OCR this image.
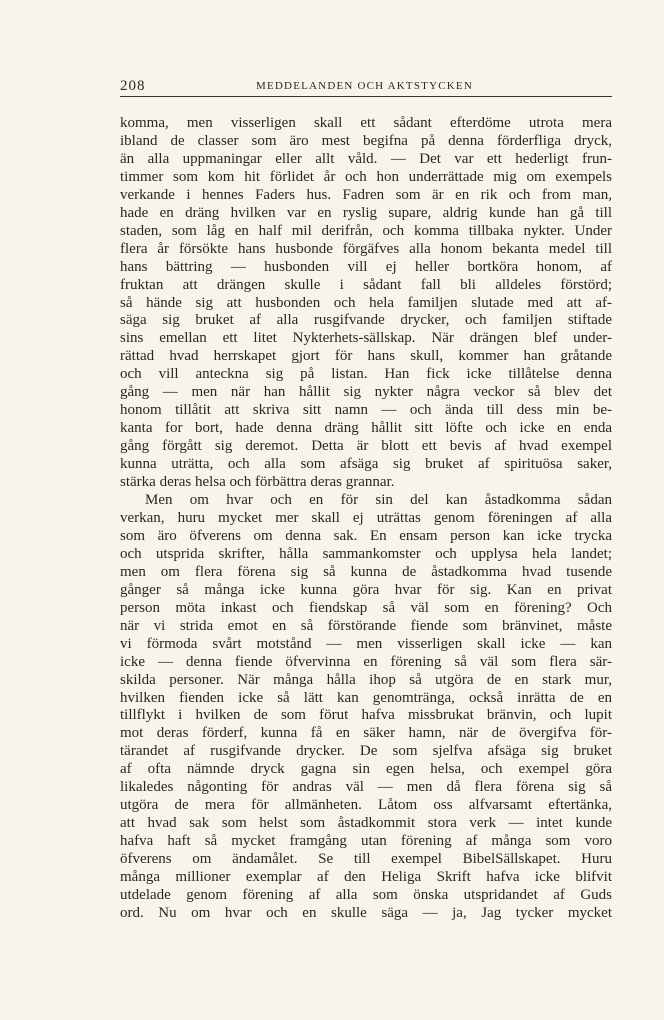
208	MEDDELANDEN OCH AKTSTYCKEN
komma, men visserligen skall ett sådant efterdöme utrota mera
ibland de classer som äro mest begifna på denna förderfliga dryck,
än alla uppmaningar eller allt våld. — Det var ett hederligt frun-
timmer som kom hit förlidet år och hon underrättade mig om exempels
verkande i hennes Faders hus. Fadren som är en rik och from man,
hade en dräng hvilken var en ryslig supare, aldrig kunde han gå till
staden, som låg en half mil derifrån, och komma tillbaka nykter. Under
flera år försökte hans husbonde förgäfves alla honom bekanta medel till
hans bättring — husbonden vill ej heller bortköra honom, af
fruktan att drängen skulle i sådant fall bli alldeles förstörd;
så hände sig att husbonden och hela familjen slutade med att af-
säga sig bruket af alla rusgifvande drycker, och familjen stiftade
sins emellan ett litet Nykterhets-sällskap. När drängen blef under-
rättad hvad herrskapet gjort för hans skull, kommer han gråtande
och vill anteckna sig på listan. Han fick icke tillåtelse denna
gång — men när han hållit sig nykter några veckor så blev det
honom tillåtit att skriva sitt namn — och ända till dess min be-
kanta for bort, hade denna dräng hållit sitt löfte och icke en enda
gång förgått sig deremot. Detta är blott ett bevis af hvad exempel
kunna uträtta, och alla som afsäga sig bruket af spirituösa saker,
stärka deras helsa och förbättra deras grannar.
Men om hvar och en för sin del kan åstadkomma sådan
verkan, huru mycket mer skall ej uträttas genom föreningen af alla
som äro öfverens om denna sak. En ensam person kan icke trycka
och utsprida skrifter, hålla sammankomster och upplysa hela landet;
men om flera förena sig så kunna de åstadkomma hvad tusende
gånger så många icke kunna göra hvar för sig. Kan en privat
person möta inkast och fiendskap så väl som en förening? Och
när vi strida emot en så förstörande fiende som bränvinet, måste
vi förmoda svårt motstånd — men visserligen skall icke — kan
icke — denna fiende öfvervinna en förening så väl som flera sär-
skilda personer. När många hålla ihop så utgöra de en stark mur,
hvilken fienden icke så lätt kan genomtränga, också inrätta de en
tillflykt i hvilken de som förut hafva missbrukat bränvin, och lupit
mot deras förderf, kunna få en säker hamn, när de övergifva för-
tärandet af rusgifvande drycker. De som sjelfva afsäga sig bruket
af ofta nämnde dryck gagna sin egen helsa, och exempel göra
likaledes någonting för andras väl — men då flera förena sig så
utgöra de mera för allmänheten. Låtom oss alfvarsamt eftertänka,
att hvad sak som helst som åstadkommit stora verk — intet kunde
hafva haft så mycket framgång utan förening af många som voro
öfverens om ändamålet. Se till exempel BibelSällskapet. Huru
många millioner exemplar af den Heliga Skrift hafva icke blifvit
utdelade genom förening af alla som önska utspridandet af Guds
ord. Nu om hvar och en skulle säga — ja, Jag tycker mycket
